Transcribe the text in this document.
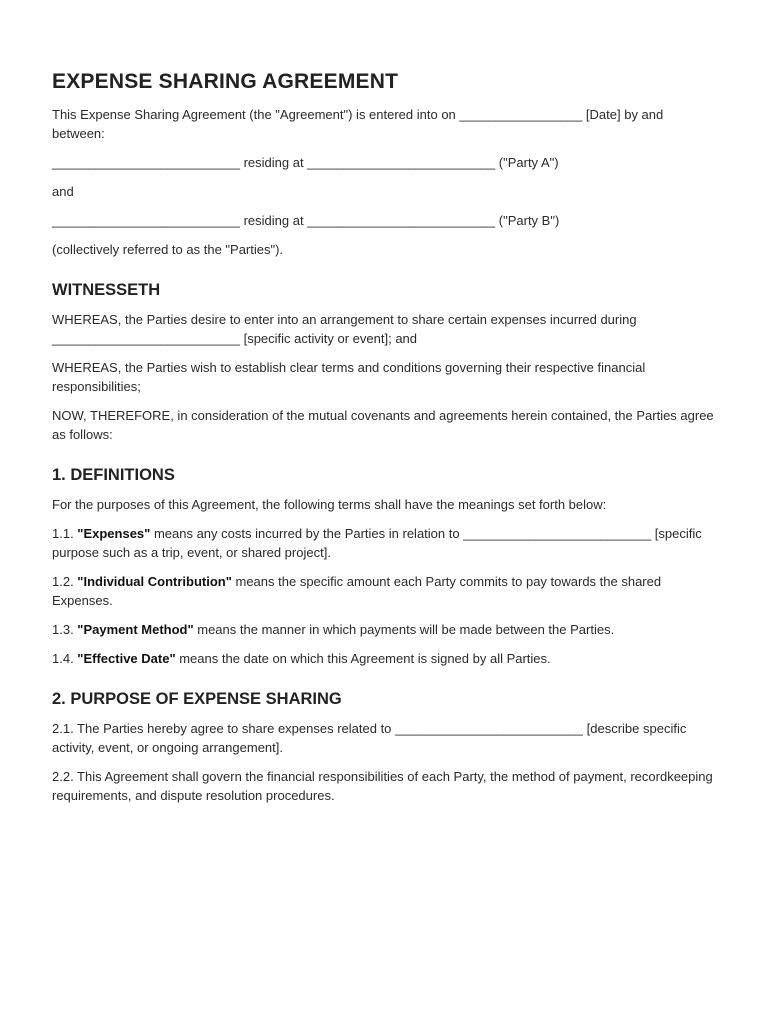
EXPENSE SHARING AGREEMENT

This Expense Sharing Agreement (the "Agreement") is entered into on _________________ [Date] by and between:

__________________________ residing at __________________________ ("Party A")

and

__________________________ residing at __________________________ ("Party B")

(collectively referred to as the "Parties").

WITNESSETH

WHEREAS, the Parties desire to enter into an arrangement to share certain expenses incurred during __________________________ [specific activity or event]; and

WHEREAS, the Parties wish to establish clear terms and conditions governing their respective financial responsibilities;

NOW, THEREFORE, in consideration of the mutual covenants and agreements herein contained, the Parties agree as follows:

1. DEFINITIONS

For the purposes of this Agreement, the following terms shall have the meanings set forth below:

1.1. "Expenses" means any costs incurred by the Parties in relation to __________________________ [specific purpose such as a trip, event, or shared project].

1.2. "Individual Contribution" means the specific amount each Party commits to pay towards the shared Expenses.

1.3. "Payment Method" means the manner in which payments will be made between the Parties.

1.4. "Effective Date" means the date on which this Agreement is signed by all Parties.

2. PURPOSE OF EXPENSE SHARING

2.1. The Parties hereby agree to share expenses related to __________________________ [describe specific activity, event, or ongoing arrangement].

2.2. This Agreement shall govern the financial responsibilities of each Party, the method of payment, recordkeeping requirements, and dispute resolution procedures.
